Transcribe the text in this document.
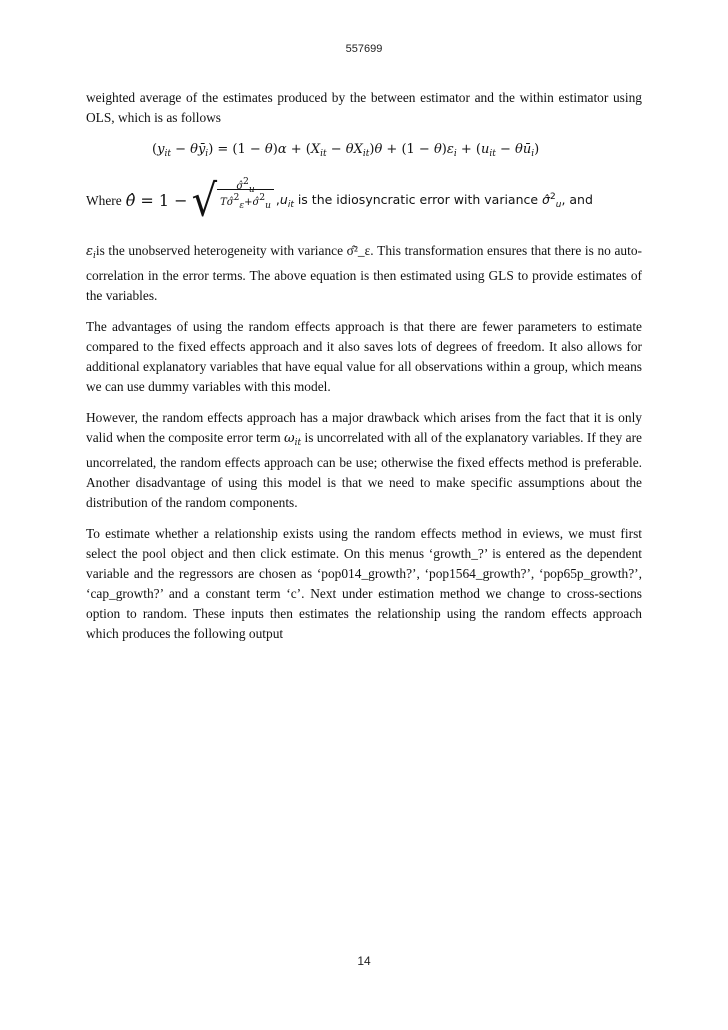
557699

weighted average of the estimates produced by the between estimator and the within estimator using OLS, which is as follows

($y_{it}$ − $\theta ȳ_i) = (1 - \theta)\alpha + (X_{it} - \theta X_{it})\theta + (1 - \theta)\varepsilon_i + (u_{it}$ − $\theta ū_i$)

Where θ̂ = 1 − √ σ̂2u
Tσ̂2ε+σ̂2u $,u_{it}$ is the idiosyncratic error with variance σ̂$^2_u$, and

$\varepsilon_iis$ the unobserved heterogeneity with variance σ̂²_ε. This transformation ensures that there is no auto-correlation in the error terms. The above equation is then estimated using GLS to provide estimates of the variables.

The advantages of using the random effects approach is that there are fewer parameters to estimate compared to the fixed effects approach and it also saves lots of degrees of freedom. It also allows for additional explanatory variables that have equal value for all observations within a group, which means we can use dummy variables with this model.

However, the random effects approach has a major drawback which arises from the fact that it is only valid when the composite error term $\omega_{it}$ is uncorrelated with all of the explanatory variables. If they are uncorrelated, the random effects approach can be use; otherwise the fixed effects method is preferable. Another disadvantage of using this model is that we need to make specific assumptions about the distribution of the random components.

To estimate whether a relationship exists using the random effects method in eviews, we must first select the pool object and then click estimate. On this menus ‘growth_?’ is entered as the dependent variable and the regressors are chosen as ‘pop014_growth?’, ‘pop1564_growth?’, ‘pop65p_growth?’, ‘cap_growth?’ and a constant term ‘c’. Next under estimation method we change to cross-sections option to random. These inputs then estimates the relationship using the random effects approach which produces the following output

14
